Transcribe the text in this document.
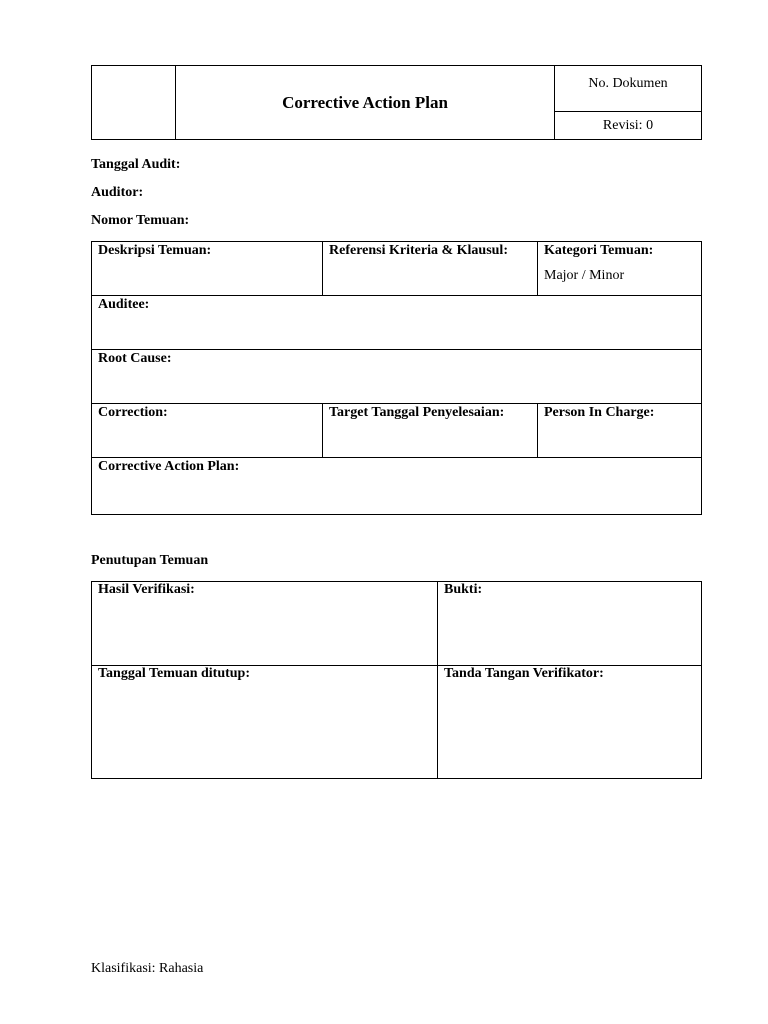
	Corrective Action Plan	No. Dokumen
Revisi: 0
Tanggal Audit:
Auditor:
Nomor Temuan:
Deskripsi Temuan:	Referensi Kriteria & Klausul:	Kategori Temuan:
Major / Minor

Auditee:		
Root Cause:		
Correction:	Target Tanggal Penyelesaian:	Person In Charge:
Corrective Action Plan:		
Penutupan Temuan
Hasil Verifikasi:	Bukti:
Tanggal Temuan ditutup:	Tanda Tangan Verifikator:
Klasifikasi: Rahasia
